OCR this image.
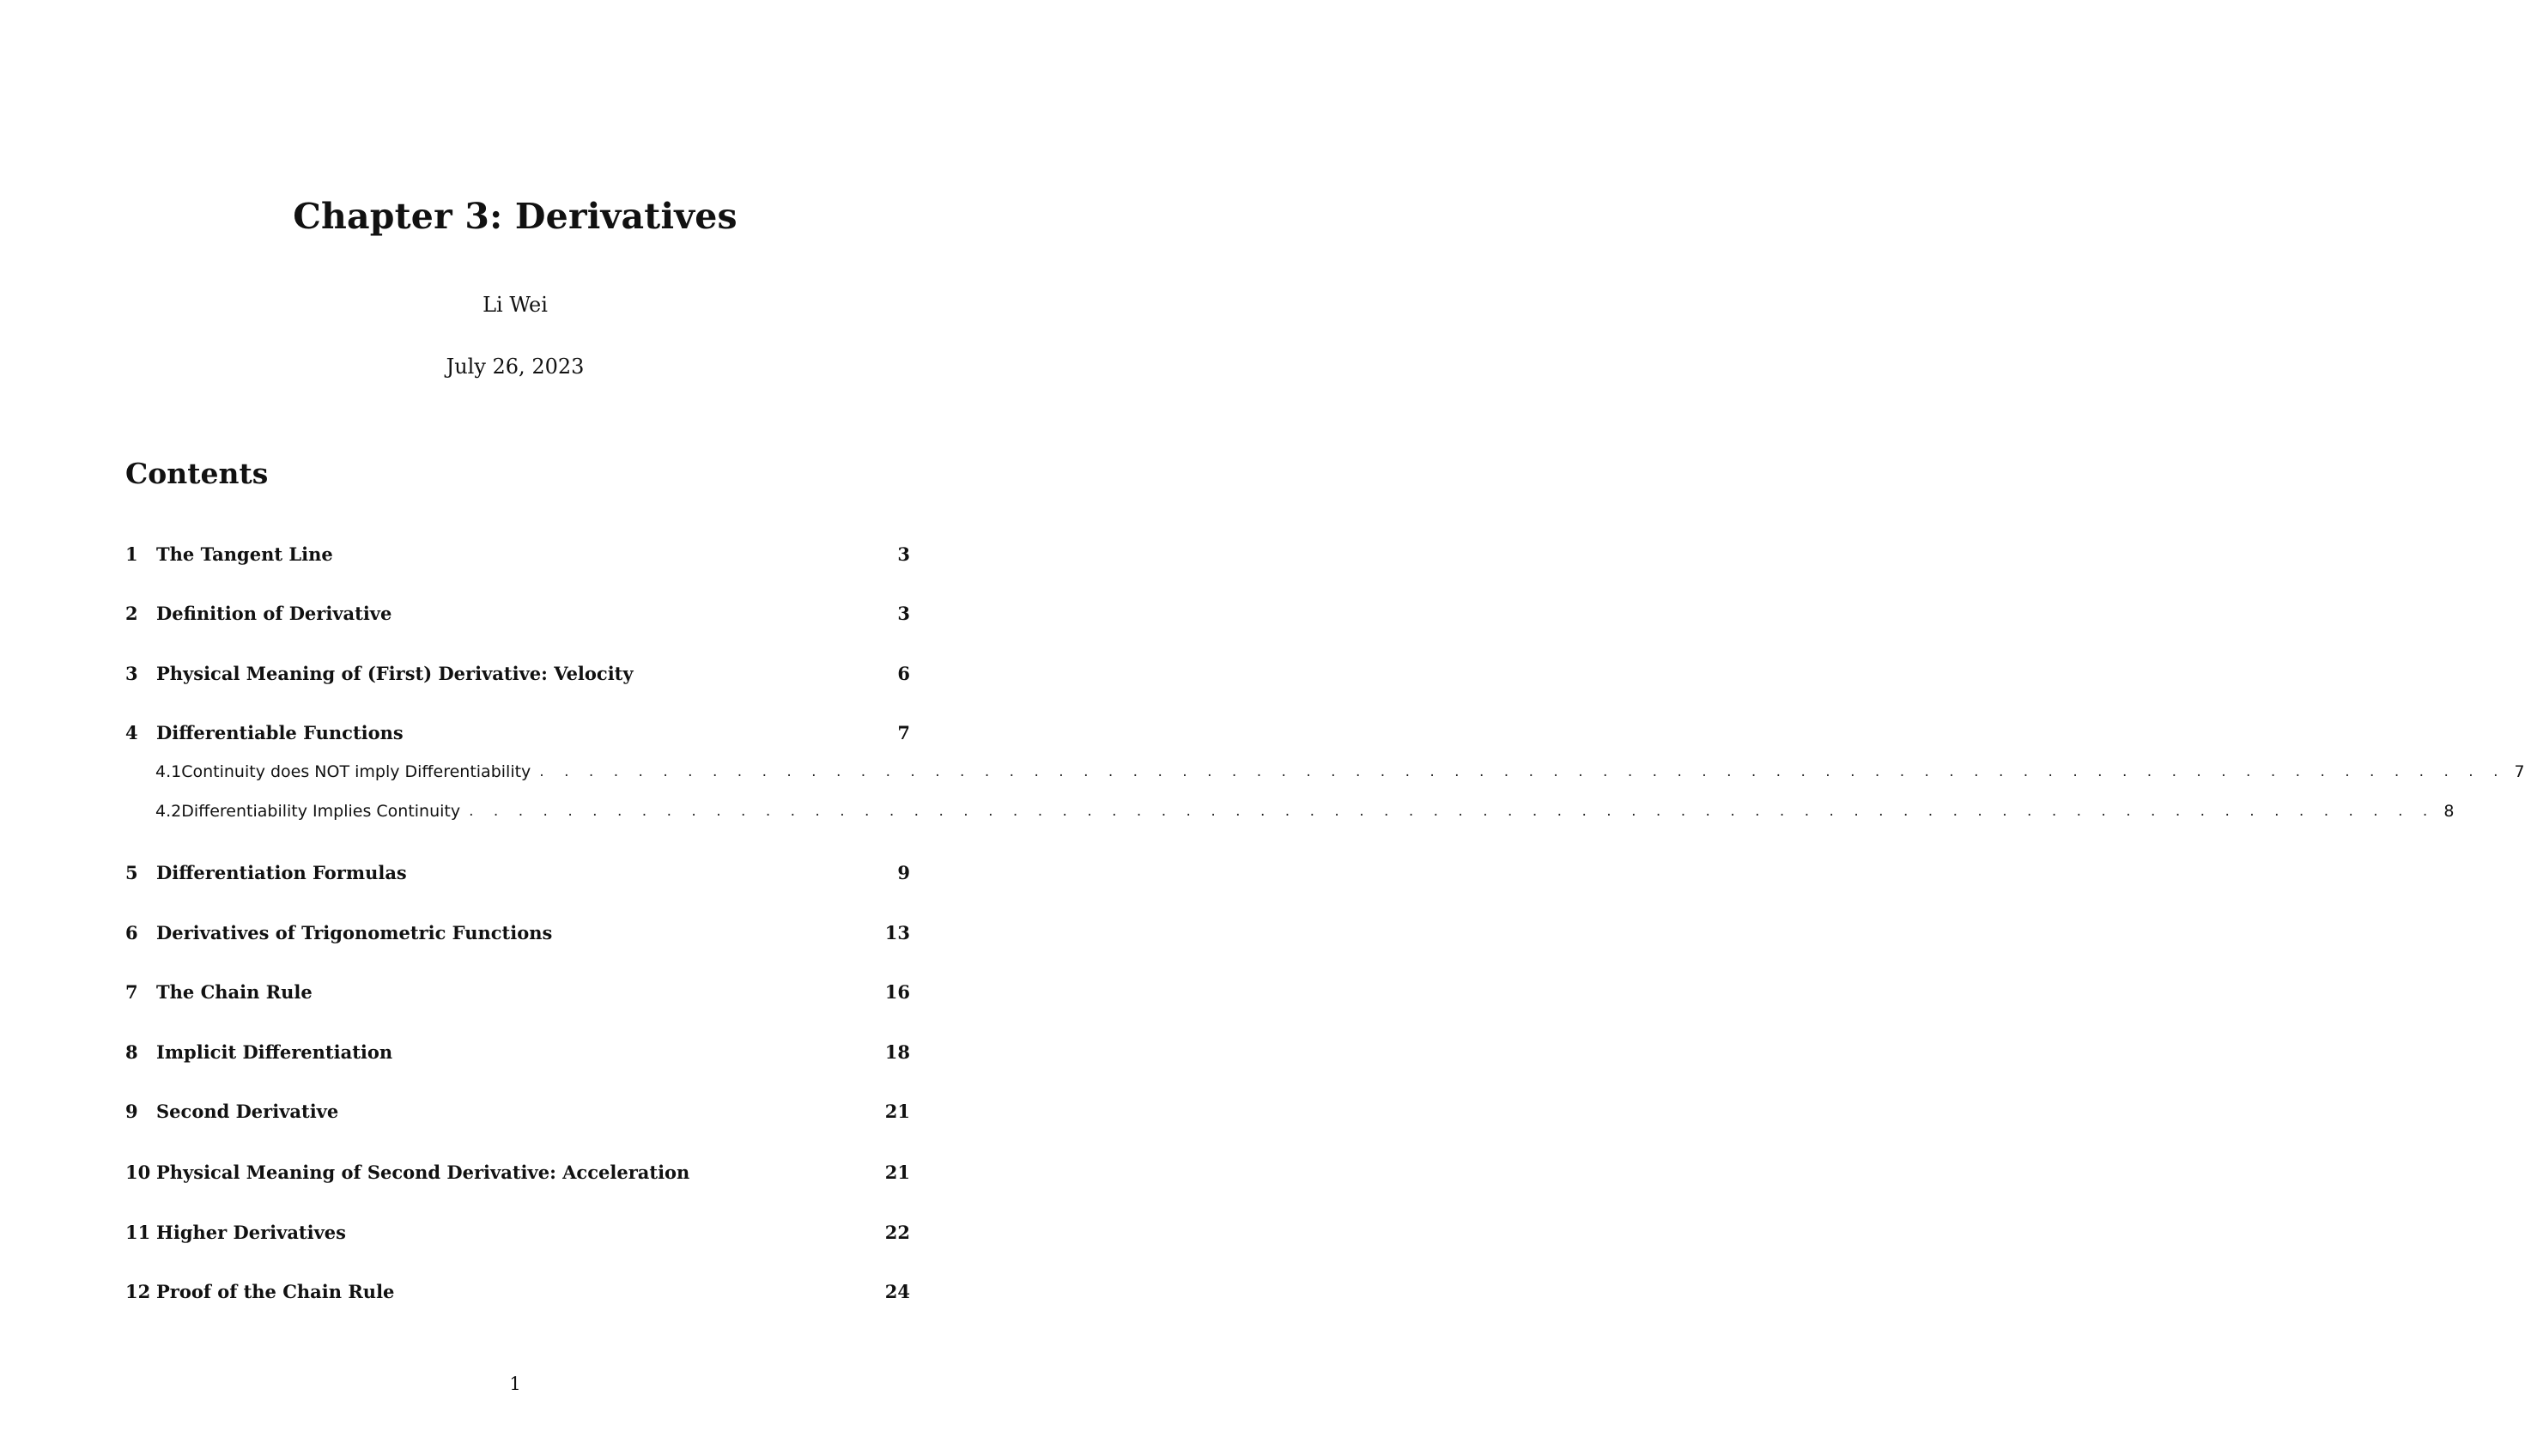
Chapter 3: Derivatives
Li Wei
July 26, 2023
Contents
1	The Tangent Line	3
2	Definition of Derivative	3
3	Physical Meaning of (First) Derivative: Velocity	6
4	Differentiable Functions	7
4.1 Continuity does NOT imply Differentiability . . . . . . . . . . . . . . . . . . . . . . . . . . . . . . . . . . . . . . . . . . . . . . . . . . . . . . . . . . . . . . . . . . . . . . . . . . . . . . . . 7
4.2 Differentiability Implies Continuity . . . . . . . . . . . . . . . . . . . . . . . . . . . . . . . . . . . . . . . . . . . . . . . . . . . . . . . . . . . . . . . . . . . . . . . . . . . . . . . . 8
5	Differentiation Formulas	9
6	Derivatives of Trigonometric Functions	13
7	The Chain Rule	16
8	Implicit Differentiation	18
9	Second Derivative	21
10 Physical Meaning of Second Derivative: Acceleration	21
11 Higher Derivatives	22
12 Proof of the Chain Rule	24
1
